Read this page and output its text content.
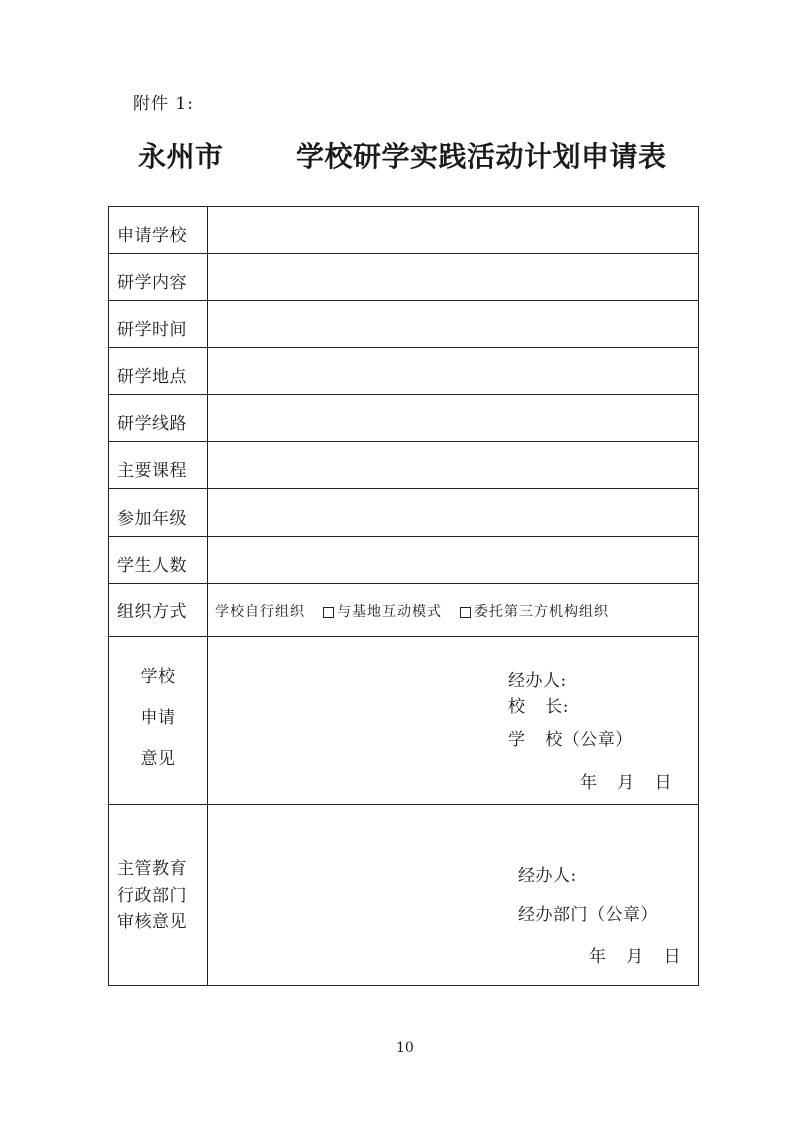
附件 1:
永州市	学校研学实践活动计划申请表
申请学校
研学内容
研学时间
研学地点
研学线路
主要课程
参加年级
学生人数
组织方式	学校自行组织 与基地互动模式 委托第三方机构组织
学校
申请
意见
经办人:
校  长:
学  校（公章）
年  月  日
主管教育
行政部门
审核意见
经办人:
经办部门（公章）
年  月  日
10
